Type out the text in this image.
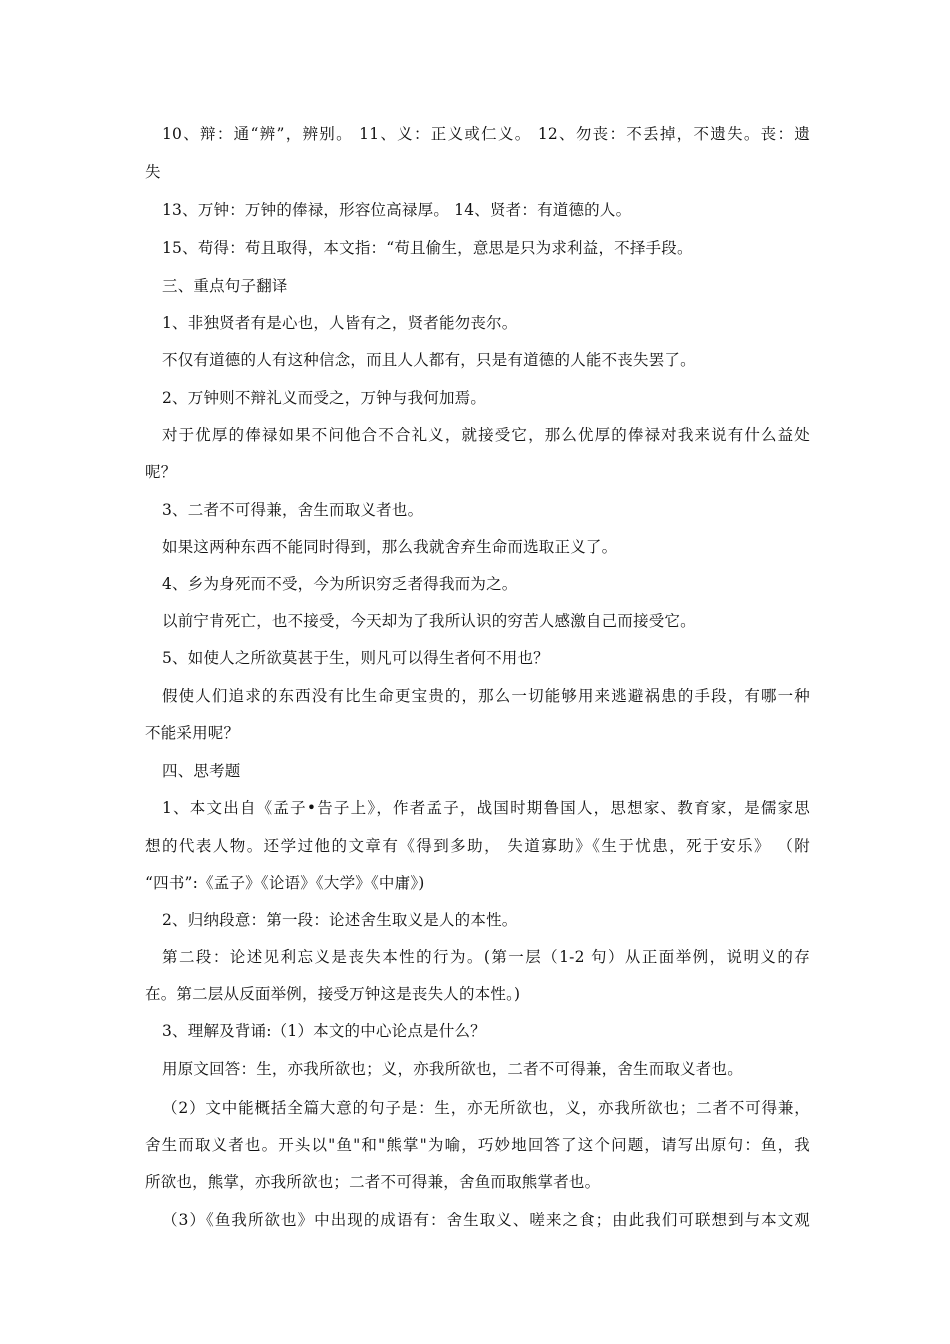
10、辩：通“辨”，辨别。 11、义：正义或仁义。 12、勿丧：不丢掉，不遗失。丧：遗
失
13、万钟：万钟的俸禄，形容位高禄厚。 14、贤者：有道德的人。
15、苟得：苟且取得，本文指：“苟且偷生，意思是只为求利益，不择手段。
三、重点句子翻译
1、非独贤者有是心也，人皆有之，贤者能勿丧尔。
不仅有道德的人有这种信念，而且人人都有，只是有道德的人能不丧失罢了。
2、万钟则不辩礼义而受之，万钟与我何加焉。
对于优厚的俸禄如果不问他合不合礼义，就接受它，那么优厚的俸禄对我来说有什么益处
呢？
3、二者不可得兼，舍生而取义者也。
如果这两种东西不能同时得到，那么我就舍弃生命而选取正义了。
4、乡为身死而不受，今为所识穷乏者得我而为之。
以前宁肯死亡，也不接受，今天却为了我所认识的穷苦人感激自己而接受它。
5、如使人之所欲莫甚于生，则凡可以得生者何不用也？
假使人们追求的东西没有比生命更宝贵的，那么一切能够用来逃避祸患的手段，有哪一种
不能采用呢？
四、思考题
1、本文出自《孟子•告子上》，作者孟子，战国时期鲁国人，思想家、教育家，是儒家思
想的代表人物。还学过他的文章有《得到多助， 失道寡助》《生于忧患，死于安乐》 （附
“四书”:《孟子》《论语》《大学》《中庸》)
2、归纳段意：第一段：论述舍生取义是人的本性。
第二段：论述见利忘义是丧失本性的行为。(第一层（1-2 句）从正面举例，说明义的存
在。第二层从反面举例，接受万钟这是丧失人的本性。)
3、理解及背诵:（1）本文的中心论点是什么？
用原文回答：生，亦我所欲也；义，亦我所欲也，二者不可得兼，舍生而取义者也。
（2）文中能概括全篇大意的句子是：生，亦无所欲也，义，亦我所欲也；二者不可得兼，
舍生而取义者也。开头以"鱼"和"熊掌"为喻，巧妙地回答了这个问题，请写出原句：鱼，我
所欲也，熊掌，亦我所欲也；二者不可得兼，舍鱼而取熊掌者也。
（3）《鱼我所欲也》中出现的成语有：舍生取义、嗟来之食；由此我们可联想到与本文观
